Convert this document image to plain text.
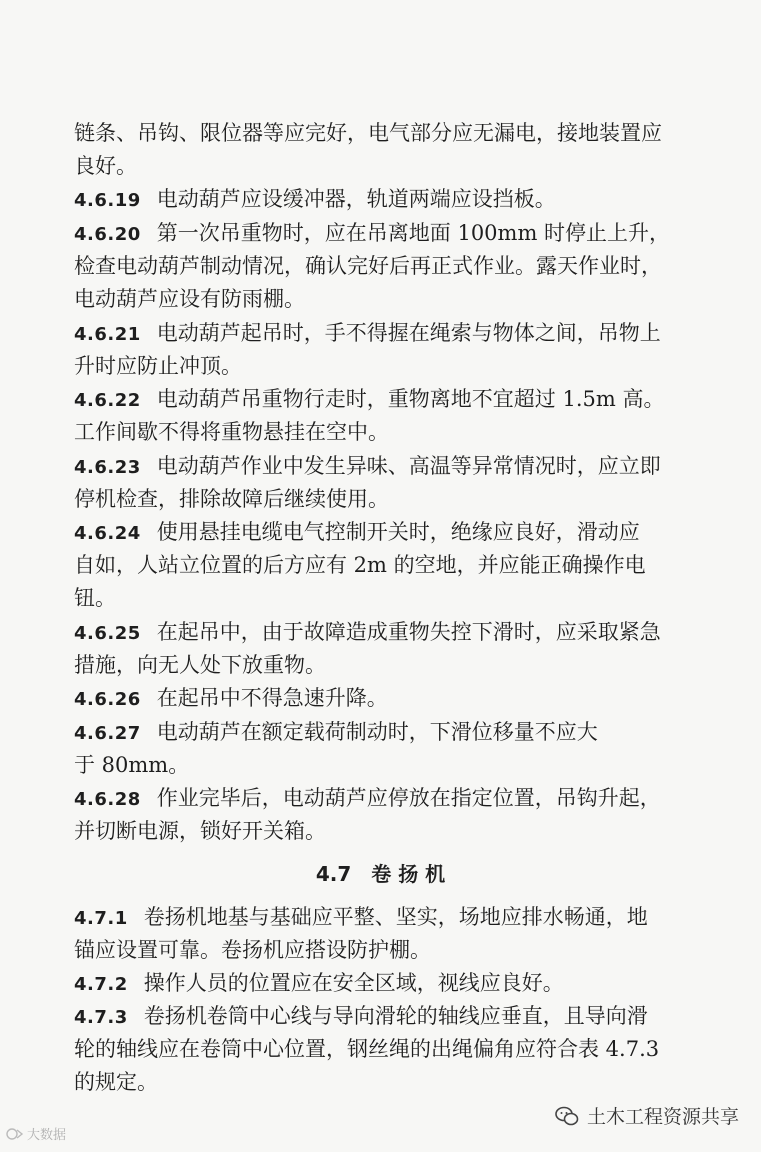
链条、吊钩、限位器等应完好，电气部分应无漏电，接地装置应
良好。
4.6.19 电动葫芦应设缓冲器，轨道两端应设挡板。
4.6.20 第一次吊重物时，应在吊离地面 100mm 时停止上升，
检查电动葫芦制动情况，确认完好后再正式作业。露天作业时，
电动葫芦应设有防雨棚。
4.6.21 电动葫芦起吊时，手不得握在绳索与物体之间，吊物上
升时应防止冲顶。
4.6.22 电动葫芦吊重物行走时，重物离地不宜超过 1.5m 高。
工作间歇不得将重物悬挂在空中。
4.6.23 电动葫芦作业中发生异味、高温等异常情况时，应立即
停机检查，排除故障后继续使用。
4.6.24 使用悬挂电缆电气控制开关时，绝缘应良好，滑动应
自如，人站立位置的后方应有 2m 的空地，并应能正确操作电
钮。
4.6.25 在起吊中，由于故障造成重物失控下滑时，应采取紧急
措施，向无人处下放重物。
4.6.26 在起吊中不得急速升降。
4.6.27 电动葫芦在额定载荷制动时，下滑位移量不应大
于 80mm。
4.6.28 作业完毕后，电动葫芦应停放在指定位置，吊钩升起，
并切断电源，锁好开关箱。
4.7 卷 扬 机
4.7.1 卷扬机地基与基础应平整、坚实，场地应排水畅通，地
锚应设置可靠。卷扬机应搭设防护棚。
4.7.2 操作人员的位置应在安全区域，视线应良好。
4.7.3 卷扬机卷筒中心线与导向滑轮的轴线应垂直，且导向滑
轮的轴线应在卷筒中心位置，钢丝绳的出绳偏角应符合表 4.7.3
的规定。
土木工程资源共享
大数据
